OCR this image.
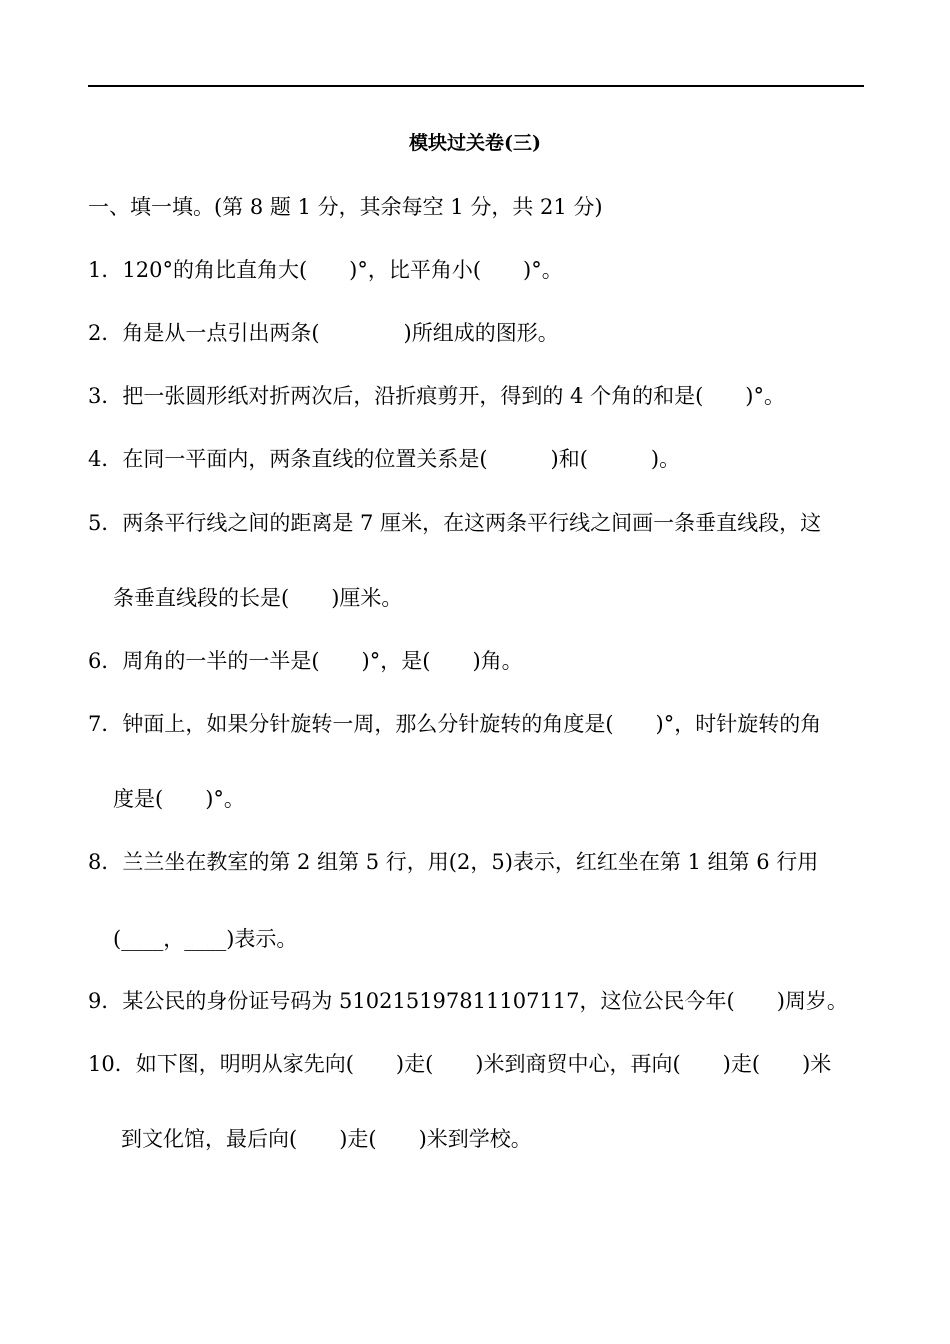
模块过关卷(三)
一、填一填。(第 8 题 1 分，其余每空 1 分，共 21 分)
1．120°的角比直角大(　　)°，比平角小(　　)°。
2．角是从一点引出两条(　　　　)所组成的图形。
3．把一张圆形纸对折两次后，沿折痕剪开，得到的 4 个角的和是(　　)°。
4．在同一平面内，两条直线的位置关系是(　　　)和(　　　)。
5．两条平行线之间的距离是 7 厘米，在这两条平行线之间画一条垂直线段，这
条垂直线段的长是(　　)厘米。
6．周角的一半的一半是(　　)°，是(　　)角。
7．钟面上，如果分针旋转一周，那么分针旋转的角度是(　　)°，时针旋转的角
度是(　　)°。
8．兰兰坐在教室的第 2 组第 5 行，用(2，5)表示，红红坐在第 1 组第 6 行用
(____，____)表示。
9．某公民的身份证号码为 510215197811107117，这位公民今年(　　)周岁。
10．如下图，明明从家先向(　　)走(　　)米到商贸中心，再向(　　)走(　　)米
到文化馆，最后向(　　)走(　　)米到学校。
